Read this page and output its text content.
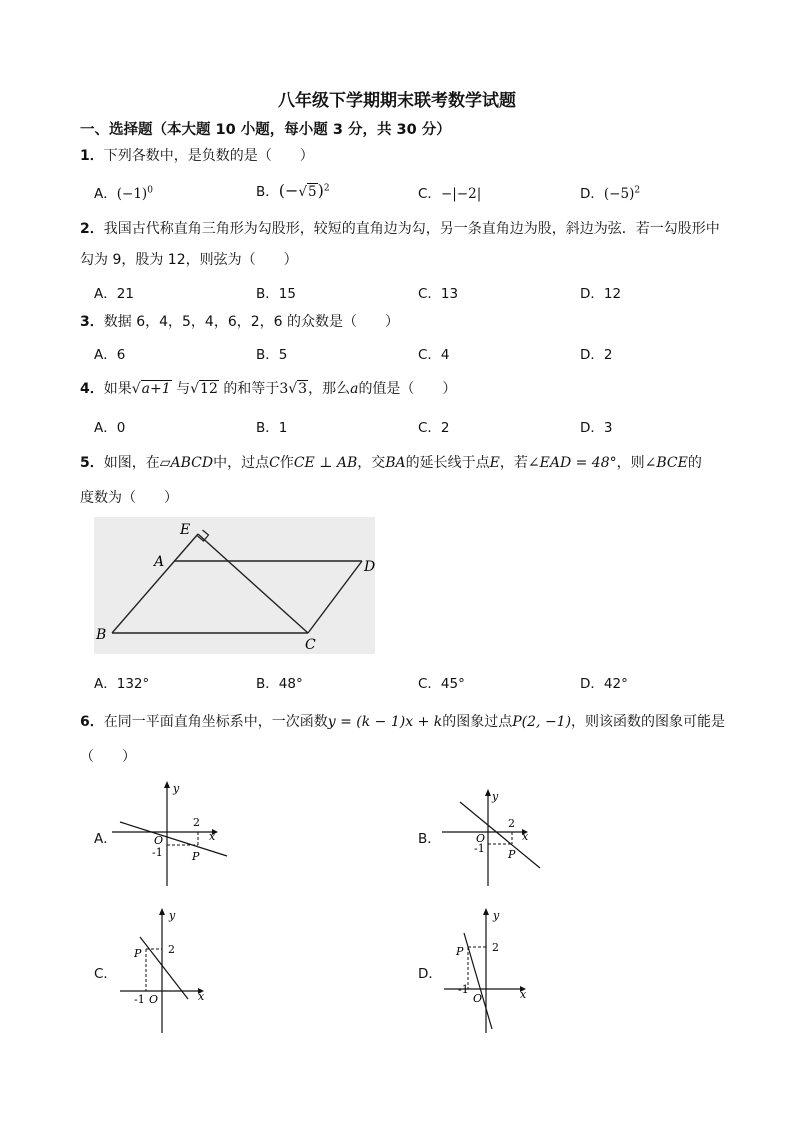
八年级下学期期末联考数学试题
一、选择题（本大题 10 小题，每小题 3 分，共 30 分）
1．下列各数中，是负数的是（　　）
A．$(-1)^0$	B．$(-√5)^2$	C．−|−2|	D．$(-5)^2$
2．我国古代称直角三角形为勾股形，较短的直角边为勾，另一条直角边为股，斜边为弦．若一勾股形中
勾为 9，股为 12，则弦为（　　）
A．21	B．15	C．13	D．12
3．数据 6，4，5，4，6，2，6 的众数是（　　）
A．6	B．5	C．4	D．2
4．如果√a+1 与√12 的和等于3√3，那么a的值是（　　）
A．0	B．1	C．2	D．3
5．如图，在▱ABCD中，过点C作CE ⊥ AB，交BA的延长线于点E，若∠EAD = 48°，则∠BCE的
度数为（　　）
E
A	D
B
C
A．132°	B．48°	C．45°	D．42°
6．在同一平面直角坐标系中，一次函数y = (k − 1)x + k的图象过点P(2, −1)，则该函数的图象可能是
（　　）
A．
y
x
O
2
-1	P
B．
y
x
O
2
-1 P
C．
y
x
O
2
-1
P
D．
y
x
O
2
-1
P
